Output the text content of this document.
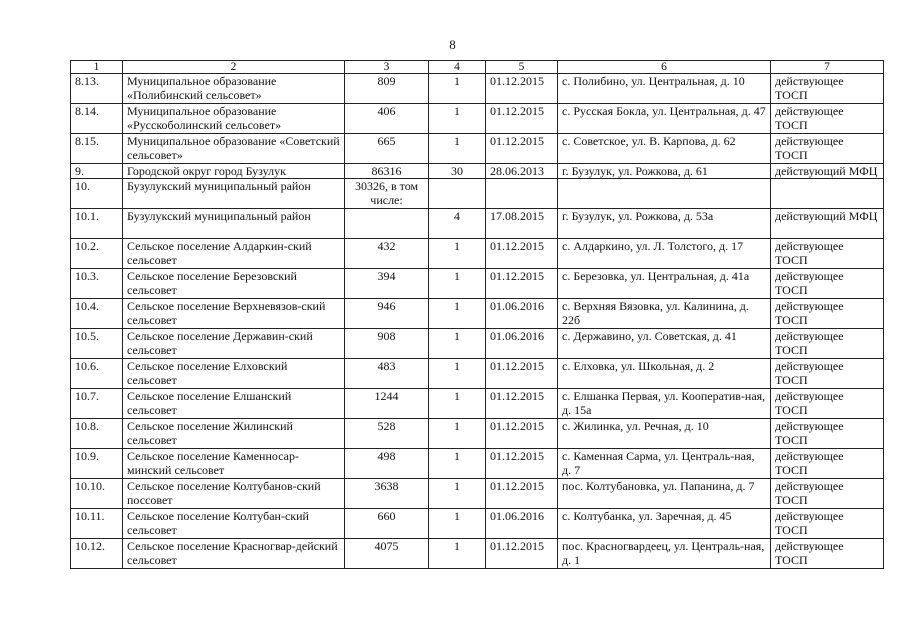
8
1	2	3	4	5	6	7
8.13.	Муниципальное образование «Полибинский сельсовет»	809	1	01.12.2015	с. Полибино, ул. Центральная, д. 10	действующее ТОСП
8.14.	Муниципальное образование «Русскоболинский сельсовет»	406	1	01.12.2015	с. Русская Бокла, ул. Центральная, д. 47	действующее ТОСП
8.15.	Муниципальное образование «Советский сельсовет»	665	1	01.12.2015	с. Советское, ул. В. Карпова, д. 62	действующее ТОСП
9.	Городской округ город Бузулук	86316	30	28.06.2013	г. Бузулук, ул. Рожкова, д. 61	действующий МФЦ
10.	Бузулукский муниципальный район	30326, в том числе:				
10.1.	Бузулукский муниципальный район		4	17.08.2015	г. Бузулук, ул. Рожкова, д. 53а	действующий МФЦ
10.2.	Сельское поселение Алдаркин-ский сельсовет	432	1	01.12.2015	с. Алдаркино, ул. Л. Толстого, д. 17	действующее ТОСП
10.3.	Сельское поселение Березовский сельсовет	394	1	01.12.2015	с. Березовка, ул. Центральная, д. 41а	действующее ТОСП
10.4.	Сельское поселение Верхневязов-ский сельсовет	946	1	01.06.2016	с. Верхняя Вязовка, ул. Калинина, д. 22б	действующее ТОСП
10.5.	Сельское поселение Державин-ский сельсовет	908	1	01.06.2016	с. Державино, ул. Советская, д. 41	действующее ТОСП
10.6.	Сельское поселение Елховский сельсовет	483	1	01.12.2015	с. Елховка, ул. Школьная, д. 2	действующее ТОСП
10.7.	Сельское поселение Елшанский сельсовет	1244	1	01.12.2015	с. Елшанка Первая, ул. Кооператив-ная, д. 15а	действующее ТОСП
10.8.	Сельское поселение Жилинский сельсовет	528	1	01.12.2015	с. Жилинка, ул. Речная, д. 10	действующее ТОСП
10.9.	Сельское поселение Каменносар-минский сельсовет	498	1	01.12.2015	с. Каменная Сарма, ул. Централь-ная, д. 7	действующее ТОСП
10.10.	Сельское поселение Колтубанов-ский поссовет	3638	1	01.12.2015	пос. Колтубановка, ул. Папанина, д. 7	действующее ТОСП
10.11.	Сельское поселение Колтубан-ский сельсовет	660	1	01.06.2016	с. Колтубанка, ул. Заречная, д. 45	действующее ТОСП
10.12.	Сельское поселение Красногвар-дейский сельсовет	4075	1	01.12.2015	пос. Красногвардеец, ул. Централь-ная, д. 1	действующее ТОСП
